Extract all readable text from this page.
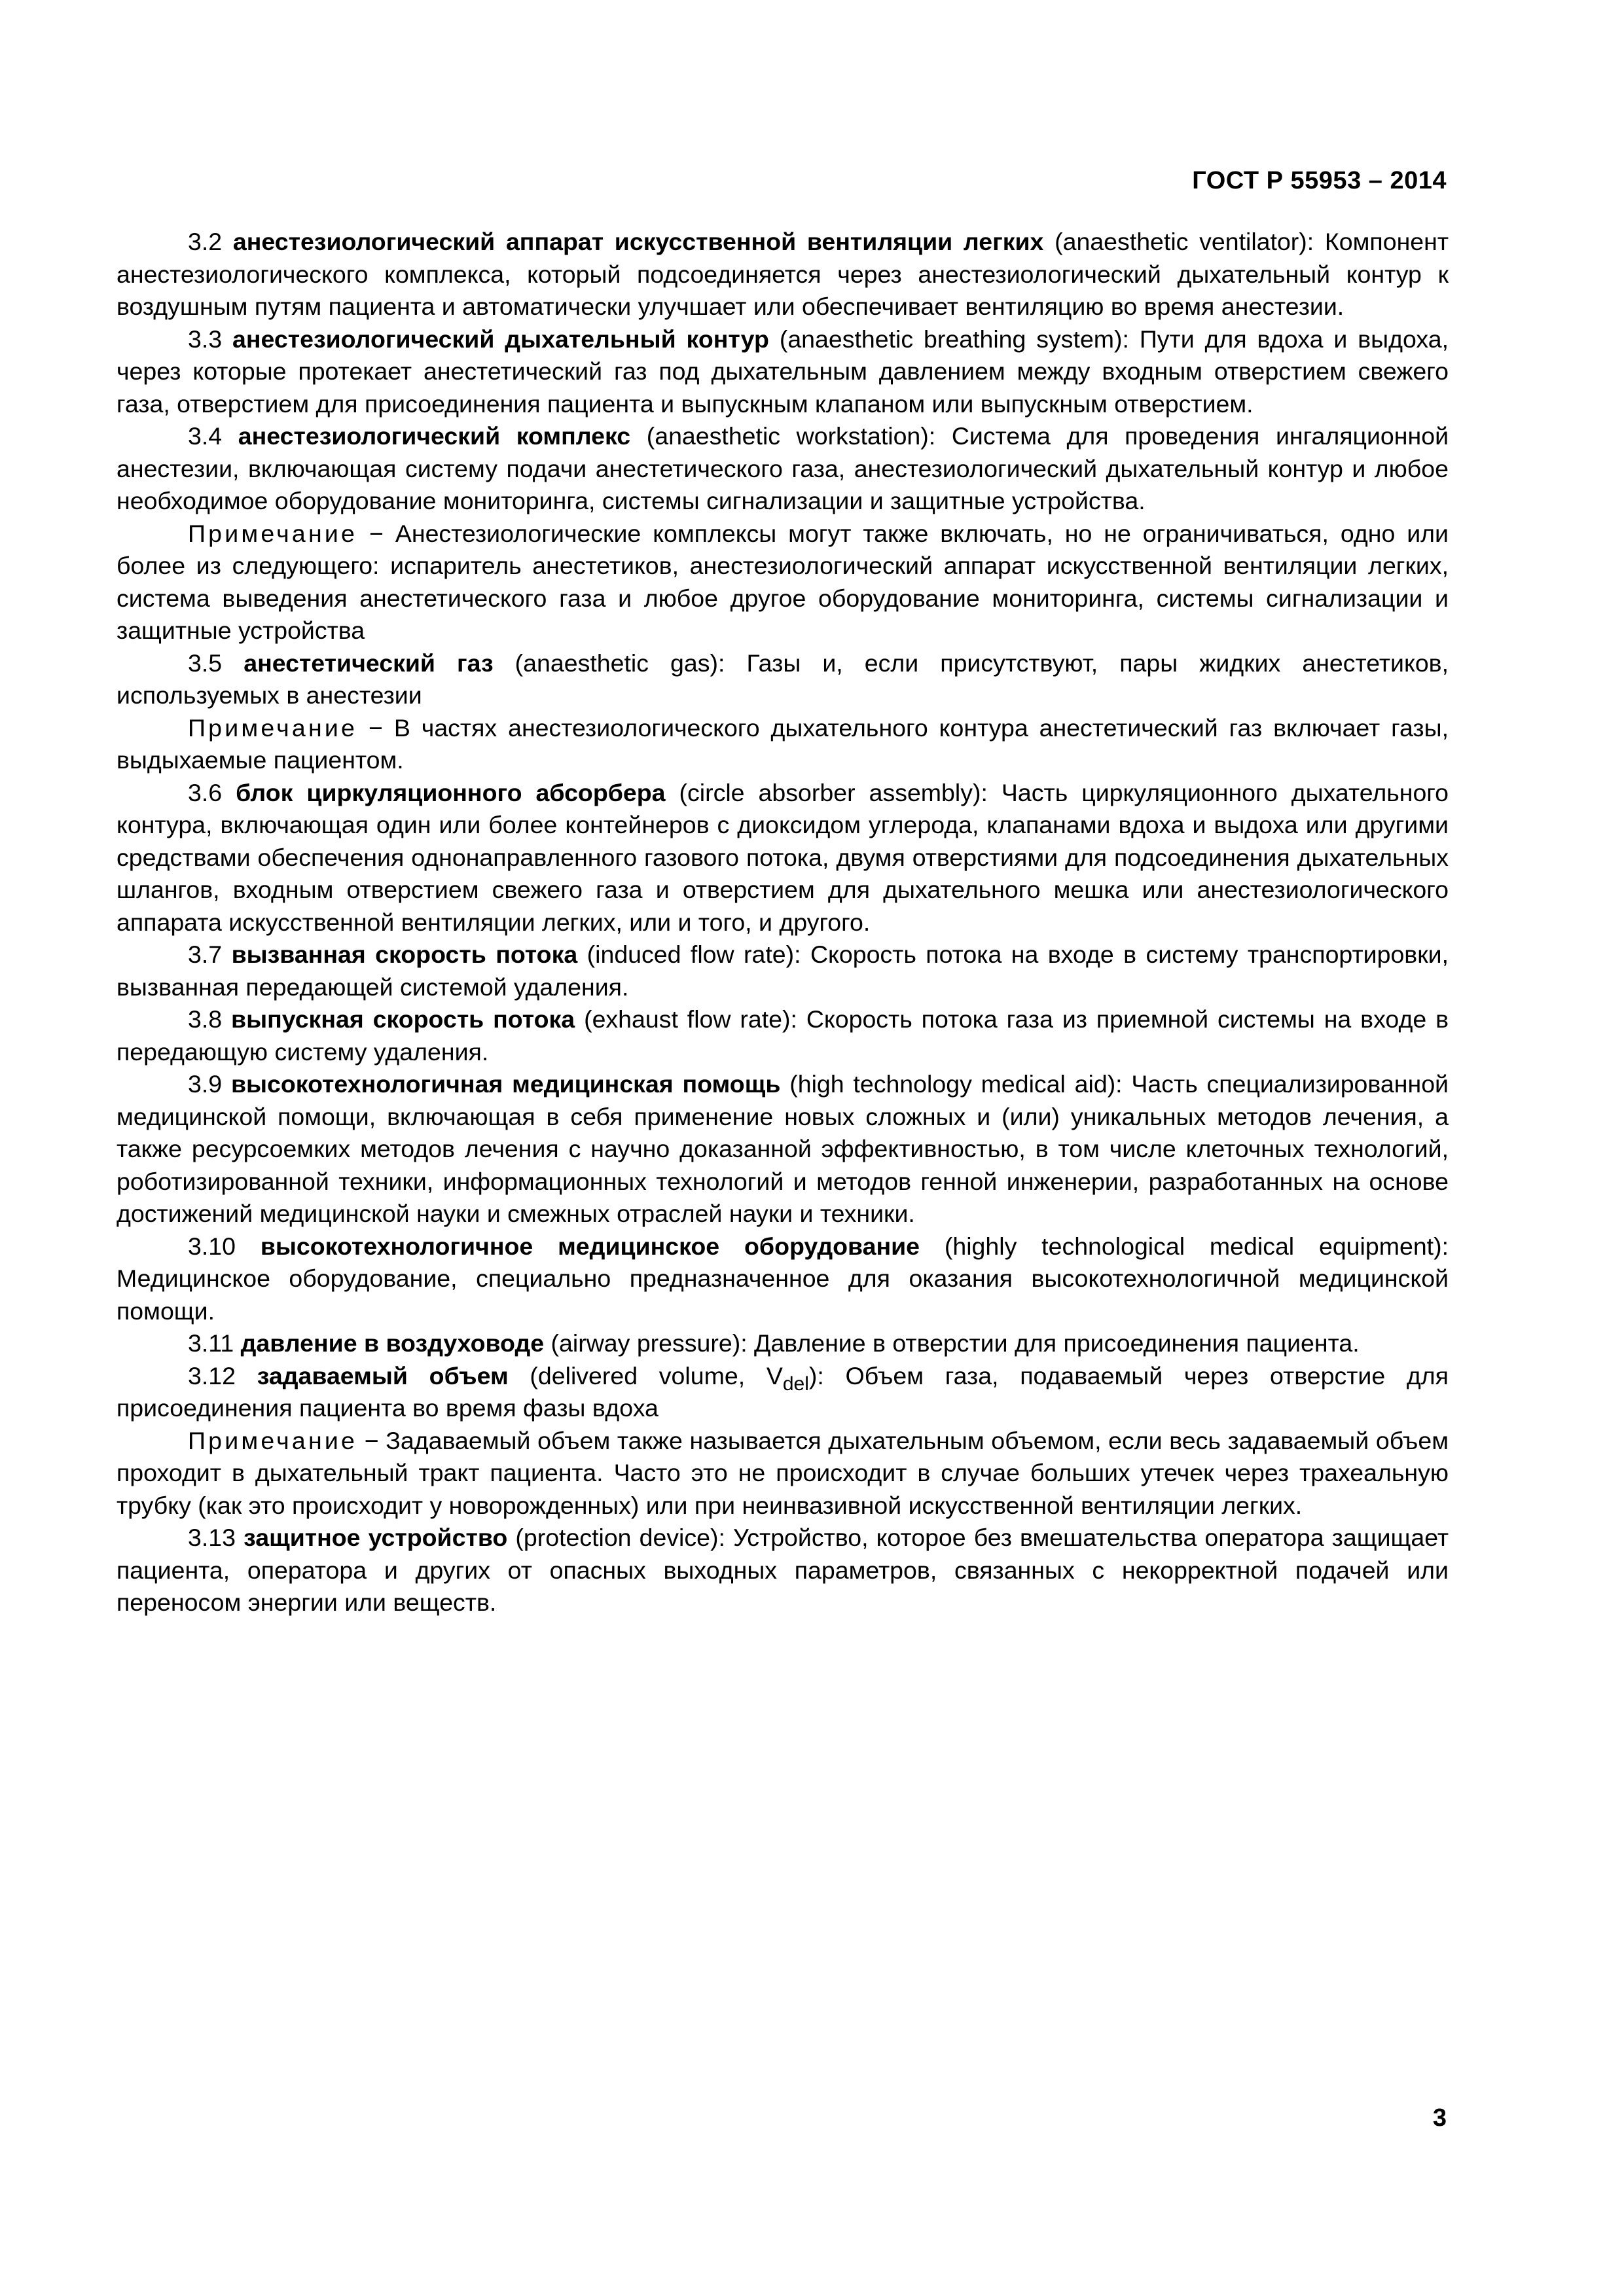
ГОСТ Р 55953 – 2014

3.2 анестезиологический аппарат искусственной вентиляции легких (anaesthetic ventilator): Компонент анестезиологического комплекса, который подсоединяется через анестезиологический дыхательный контур к воздушным путям пациента и автоматически улучшает или обеспечивает вентиляцию во время анестезии.

3.3 анестезиологический дыхательный контур (anaesthetic breathing system): Пути для вдоха и выдоха, через которые протекает анестетический газ под дыхательным давлением между входным отверстием свежего газа, отверстием для присоединения пациента и выпускным клапаном или выпускным отверстием.

3.4 анестезиологический комплекс (anaesthetic workstation): Система для проведения ингаляционной анестезии, включающая систему подачи анестетического газа, анестезиологический дыхательный контур и любое необходимое оборудование мониторинга, системы сигнализации и защитные устройства.

Примечание − Анестезиологические комплексы могут также включать, но не ограничиваться, одно или более из следующего: испаритель анестетиков, анестезиологический аппарат искусственной вентиляции легких, система выведения анестетического газа и любое другое оборудование мониторинга, системы сигнализации и защитные устройства

3.5 анестетический газ (anaesthetic gas): Газы и, если присутствуют, пары жидких анестетиков, используемых в анестезии

Примечание − В частях анестезиологического дыхательного контура анестетический газ включает газы, выдыхаемые пациентом.

3.6 блок циркуляционного абсорбера (circle absorber assembly): Часть циркуляционного дыхательного контура, включающая один или более контейнеров с диоксидом углерода, клапанами вдоха и выдоха или другими средствами обеспечения однонаправленного газового потока, двумя отверстиями для подсоединения дыхательных шлангов, входным отверстием свежего газа и отверстием для дыхательного мешка или анестезиологического аппарата искусственной вентиляции легких, или и того, и другого.

3.7 вызванная скорость потока (induced flow rate): Скорость потока на входе в систему транспортировки, вызванная передающей системой удаления.

3.8 выпускная скорость потока (exhaust flow rate): Скорость потока газа из приемной системы на входе в передающую систему удаления.

3.9 высокотехнологичная медицинская помощь (high technology medical aid): Часть специализированной медицинской помощи, включающая в себя применение новых сложных и (или) уникальных методов лечения, а также ресурсоемких методов лечения с научно доказанной эффективностью, в том числе клеточных технологий, роботизированной техники, информационных технологий и методов генной инженерии, разработанных на основе достижений медицинской науки и смежных отраслей науки и техники.

3.10 высокотехнологичное медицинское оборудование (highly technological medical equipment): Медицинское оборудование, специально предназначенное для оказания высокотехнологичной медицинской помощи.

3.11 давление в воздуховоде (airway pressure): Давление в отверстии для присоединения пациента.

3.12 задаваемый объем (delivered volume, $V_{del}$): Объем газа, подаваемый через отверстие для присоединения пациента во время фазы вдоха

Примечание − Задаваемый объем также называется дыхательным объемом, если весь задаваемый объем проходит в дыхательный тракт пациента. Часто это не происходит в случае больших утечек через трахеальную трубку (как это происходит у новорожденных) или при неинвазивной искусственной вентиляции легких.

3.13 защитное устройство (protection device): Устройство, которое без вмешательства оператора защищает пациента, оператора и других от опасных выходных параметров, связанных с некорректной подачей или переносом энергии или веществ.

3
